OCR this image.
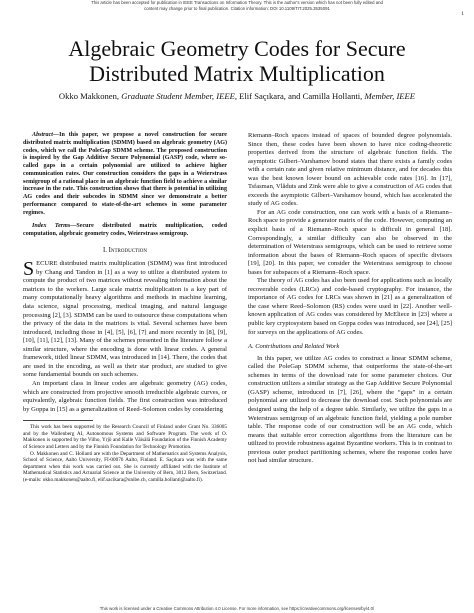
This article has been accepted for publication in IEEE Transactions on Information Theory. This is the author's version which has not been fully edited and
content may change prior to final publication. Citation information: DOI 10.1109/TIT.2025.3535091
1
Algebraic Geometry Codes for Secure Distributed Matrix Multiplication
Okko Makkonen, Graduate Student Member, IEEE, Elif Saçıkara, and Camilla Hollanti, Member, IEEE

Abstract—In this paper, we propose a novel construction for secure distributed matrix multiplication (SDMM) based on algebraic geometry (AG) codes, which we call the PoleGap SDMM scheme. The proposed construction is inspired by the Gap Additive Secure Polynomial (GASP) code, where so-called gaps in a certain polynomial are utilized to achieve higher communication rates. Our construction considers the gaps in a Weierstrass semigroup of a rational place in an algebraic function field to achieve a similar increase in the rate. This construction shows that there is potential in utilizing AG codes and their subcodes in SDMM since we demonstrate a better performance compared to state-of-the-art schemes in some parameter regimes.

Index Terms—Secure distributed matrix multiplication, coded computation, algebraic geometry codes, Weierstrass semigroup.

I. Introduction

SECURE distributed matrix multiplication (SDMM) was first introduced by Chang and Tandon in [1] as a way to utilize a distributed system to compute the product of two matrices without revealing information about the matrices to the workers. Large scale matrix multiplication is a key part of many computationally heavy algorithms and methods in machine learning, data science, signal processing, medical imaging, and natural language processing [2], [3]. SDMM can be used to outsource these computations when the privacy of the data in the matrices is vital. Several schemes have been introduced, including those in [4], [5], [6], [7] and more recently in [8], [9], [10], [11], [12], [13]. Many of the schemes presented in the literature follow a similar structure, where the encoding is done with linear codes. A general framework, titled linear SDMM, was introduced in [14]. There, the codes that are used in the encoding, as well as their star product, are studied to give some fundamental bounds on such schemes.

An important class in linear codes are algebraic geometry (AG) codes, which are constructed from projective smooth irreducible algebraic curves, or equivalently, algebraic function fields. The first construction was introduced by Goppa in [15] as a generalization of Reed–Solomon codes by considering

This work has been supported by the Research Council of Finland under Grant No. 336005 and by the Wallenberg AI, Autonomous Systems and Software Program. The work of O. Makkonen is supported by the Vilho, Yrjö and Kalle Väisälä Foundation of the Finnish Academy of Science and Letters and by the Finnish Foundation for Technology Promotion.

O. Makkonen and C. Hollanti are with the Department of Mathematics and Systems Analysis, School of Science, Aalto University, FI-00076 Aalto, Finland. E. Saçıkara was with the same department when this work was carried out. She is currently affiliated with the Institute of Mathematical Statistics and Actuarial Science at the University of Bern, 3012 Bern, Switzerland. (e-mails: okko.makkonen@aalto.fi, elif.sacikara@unibe.ch, camilla.hollanti@aalto.fi).

Riemann–Roch spaces instead of spaces of bounded degree polynomials. Since then, these codes have been shown to have nice coding-theoretic properties derived from the structure of algebraic function fields. The asymptotic Gilbert–Varshamov bound states that there exists a family codes with a certain rate and given relative minimum distance, and for decades this was the best known lower bound on achievable code rates [16]. In [17], Tsfasman, Vlăduts and Zink were able to give a construction of AG codes that exceeds the asymptotic Gilbert–Varshamov bound, which has accelerated the study of AG codes.

For an AG code construction, one can work with a basis of a Riemann–Roch space to provide a generator matrix of the code. However, computing an explicit basis of a Riemann–Roch space is difficult in general [18]. Correspondingly, a similar difficulty can also be observed in the determination of Weierstrass semigroups, which can be used to retrieve some information about the bases of Riemann–Roch spaces of specific divisors [19], [20]. In this paper, we consider the Weierstrass semigroup to choose bases for subspaces of a Riemann–Roch space.

The theory of AG codes has also been used for applications such as locally recoverable codes (LRCs) and code-based cryptography. For instance, the importance of AG codes for LRCs was shown in [21] as a generalization of the case where Reed–Solomon (RS) codes were used in [22]. Another well-known application of AG codes was considered by McEliece in [23] where a public key cryptosystem based on Goppa codes was introduced, see [24], [25] for surveys on the applications of AG codes.

A. Contributions and Related Work

In this paper, we utilize AG codes to construct a linear SDMM scheme, called the PoleGap SDMM scheme, that outperforms the state-of-the-art schemes in terms of the download rate for some parameter choices. Our construction utilizes a similar strategy as the Gap Additive Secure Polynomial (GASP) scheme, introduced in [7], [26], where the “gaps” in a certain polynomial are utilized to decrease the download cost. Such polynomials are designed using the help of a degree table. Similarly, we utilize the gaps in a Weierstrass semigroup of an algebraic function field, yielding a pole number table. The response code of our construction will be an AG code, which means that suitable error correction algorithms from the literature can be utilized to provide robustness against Byzantine workers. This is in contrast to previous outer product partitioning schemes, where the response codes have not had similar structure.

This work is licensed under a Creative Commons Attribution 4.0 License. For more information, see https://creativecommons.org/licenses/by/4.0/
